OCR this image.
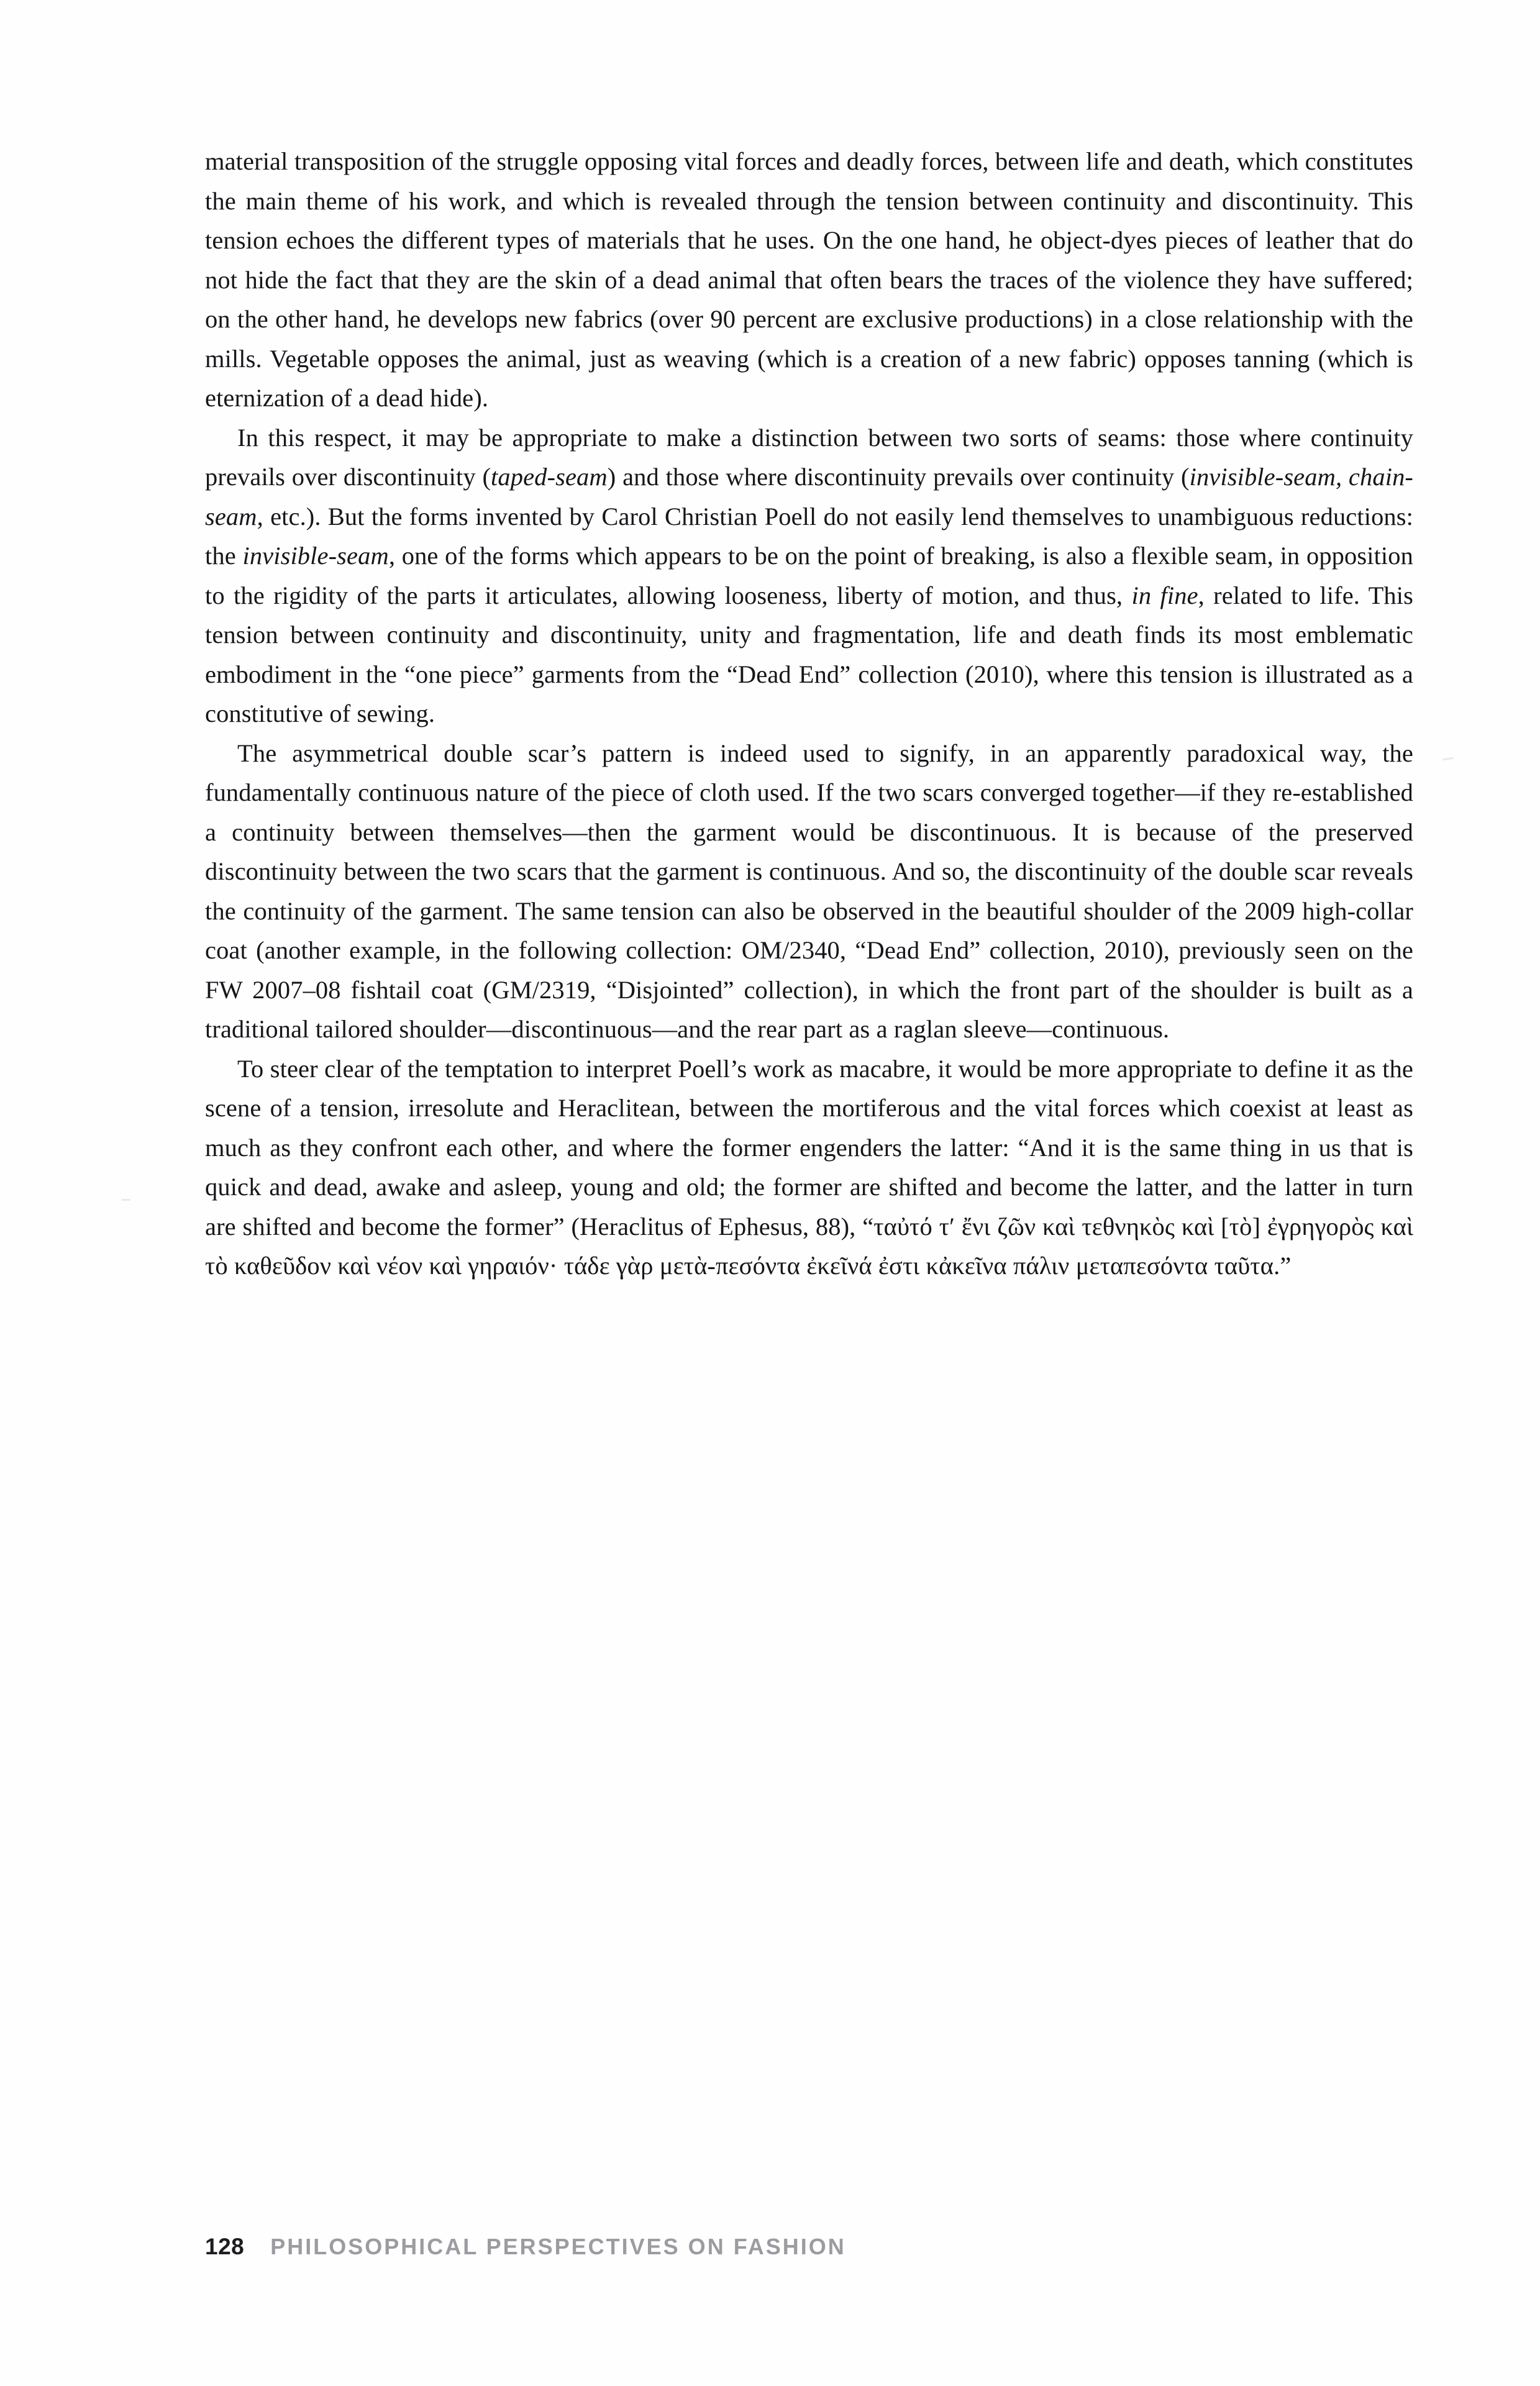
material transposition of the struggle opposing vital forces and deadly forces, between life and death, which constitutes the main theme of his work, and which is revealed through the tension between continuity and discontinuity. This tension echoes the different types of materials that he uses. On the one hand, he object-dyes pieces of leather that do not hide the fact that they are the skin of a dead animal that often bears the traces of the violence they have suffered; on the other hand, he develops new fabrics (over 90 percent are exclusive productions) in a close relationship with the mills. Vegetable opposes the animal, just as weaving (which is a creation of a new fabric) opposes tanning (which is eternization of a dead hide).

In this respect, it may be appropriate to make a distinction between two sorts of seams: those where continuity prevails over discontinuity (taped-seam) and those where discontinuity prevails over continuity (invisible-seam, chain-seam, etc.). But the forms invented by Carol Christian Poell do not easily lend themselves to unambiguous reductions: the invisible-seam, one of the forms which appears to be on the point of breaking, is also a flexible seam, in opposition to the rigidity of the parts it articulates, allowing looseness, liberty of motion, and thus, in fine, related to life. This tension between continuity and discontinuity, unity and fragmentation, life and death finds its most emblematic embodiment in the “one piece” garments from the “Dead End” collection (2010), where this tension is illustrated as a constitutive of sewing.

The asymmetrical double scar’s pattern is indeed used to signify, in an apparently paradoxical way, the fundamentally continuous nature of the piece of cloth used. If the two scars converged together—if they re-established a continuity between themselves—then the garment would be discontinuous. It is because of the preserved discontinuity between the two scars that the garment is continuous. And so, the discontinuity of the double scar reveals the continuity of the garment. The same tension can also be observed in the beautiful shoulder of the 2009 high-collar coat (another example, in the following collection: OM/2340, “Dead End” collection, 2010), previously seen on the FW 2007–08 fishtail coat (GM/2319, “Disjointed” collection), in which the front part of the shoulder is built as a traditional tailored shoulder—discontinuous—and the rear part as a raglan sleeve—continuous.

To steer clear of the temptation to interpret Poell’s work as macabre, it would be more appropriate to define it as the scene of a tension, irresolute and Heraclitean, between the mortiferous and the vital forces which coexist at least as much as they confront each other, and where the former engenders the latter: “And it is the same thing in us that is quick and dead, awake and asleep, young and old; the former are shifted and become the latter, and the latter in turn are shifted and become the former” (Heraclitus of Ephesus, 88), “ταὐτό τʹ ἔνι ζῶν καὶ τεθνηκὸς καὶ [τὸ] ἐγρηγορὸς καὶ τὸ καθεῦδον καὶ νέον καὶ γηραιόν· τάδε γὰρ μετὰ-πεσόντα ἐκεῖνά ἐστι κἀκεῖνα πάλιν μεταπεσόντα ταῦτα.”

128 PHILOSOPHICAL PERSPECTIVES ON FASHION
